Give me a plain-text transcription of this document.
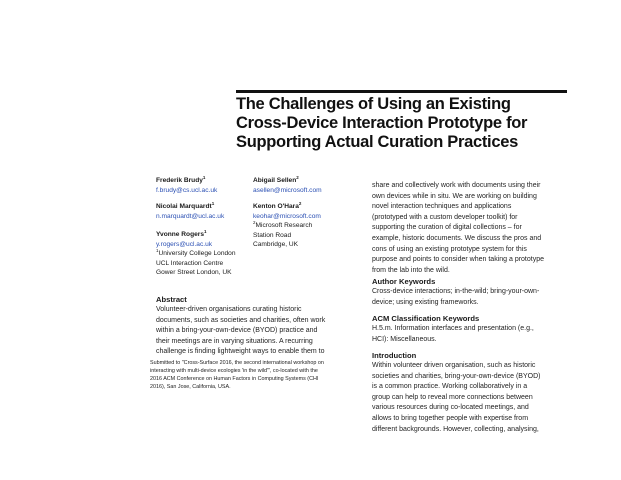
The Challenges of Using an Existing
Cross-Device Interaction Prototype for
Supporting Actual Curation Practices
Frederik Brudy$^1$
f.brudy@cs.ucl.ac.uk
Nicolai Marquardt$^1$
n.marquardt@ucl.ac.uk
Yvonne Rogers$^1$
y.rogers@ucl.ac.uk
$^1$University College London
UCL Interaction Centre
Gower Street London, UK
Abigail Sellen$^2$
asellen@microsoft.com
Kenton O'Hara$^2$
keohar@microsoft.com
$^2$Microsoft Research
Station Road
Cambridge, UK
Abstract
Volunteer-driven organisations curating historic
documents, such as societies and charities, often work
within a bring-your-own-device (BYOD) practice and
their meetings are in varying situations. A recurring
challenge is finding lightweight ways to enable them to
Submitted to "Cross-Surface 2016, the second international workshop on
interacting with multi-device ecologies 'in the wild'", co-located with the
2016 ACM Conference on Human Factors in Computing Systems (CHI
2016), San Jose, California, USA.
share and collectively work with documents using their
own devices while in situ. We are working on building
novel interaction techniques and applications
(prototyped with a custom developer toolkit) for
supporting the curation of digital collections – for
example, historic documents. We discuss the pros and
cons of using an existing prototype system for this
purpose and points to consider when taking a prototype
from the lab into the wild.
Author Keywords
Cross-device interactions; in-the-wild; bring-your-own-
device; using existing frameworks.
ACM Classification Keywords
H.5.m. Information interfaces and presentation (e.g.,
HCI): Miscellaneous.
Introduction
Within volunteer driven organisation, such as historic
societies and charities, bring-your-own-device (BYOD)
is a common practice. Working collaboratively in a
group can help to reveal more connections between
various resources during co-located meetings, and
allows to bring together people with expertise from
different backgrounds. However, collecting, analysing,
